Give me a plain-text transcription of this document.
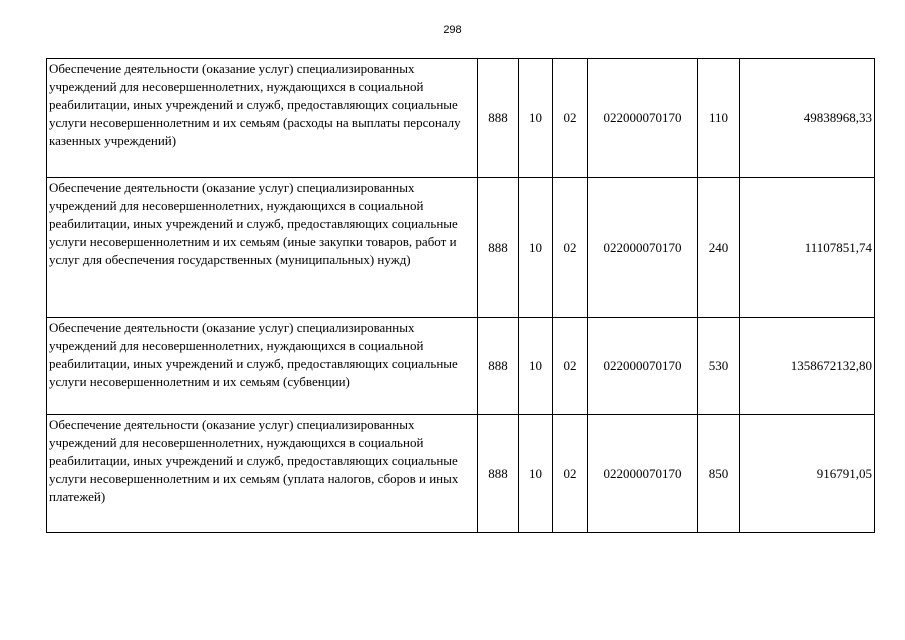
298
Обеспечение деятельности (оказание услуг) специализированных учреждений для несовершеннолетних, нуждающихся в социальной реабилитации, иных учреждений и служб, предоставляющих социальные услуги несовершеннолетним и их семьям (расходы на выплаты персоналу казенных учреждений)	888	10	02	022000070170	110	49838968,33
Обеспечение деятельности (оказание услуг) специализированных учреждений для несовершеннолетних, нуждающихся в социальной реабилитации, иных учреждений и служб, предоставляющих социальные услуги несовершеннолетним и их семьям (иные закупки товаров, работ и услуг для обеспечения государственных (муниципальных) нужд)	888	10	02	022000070170	240	11107851,74
Обеспечение деятельности (оказание услуг) специализированных учреждений для несовершеннолетних, нуждающихся в социальной реабилитации, иных учреждений и служб, предоставляющих социальные услуги несовершеннолетним и их семьям (субвенции)	888	10	02	022000070170	530	1358672132,80
Обеспечение деятельности (оказание услуг) специализированных учреждений для несовершеннолетних, нуждающихся в социальной реабилитации, иных учреждений и служб, предоставляющих социальные услуги несовершеннолетним и их семьям (уплата налогов, сборов и иных платежей)	888	10	02	022000070170	850	916791,05
